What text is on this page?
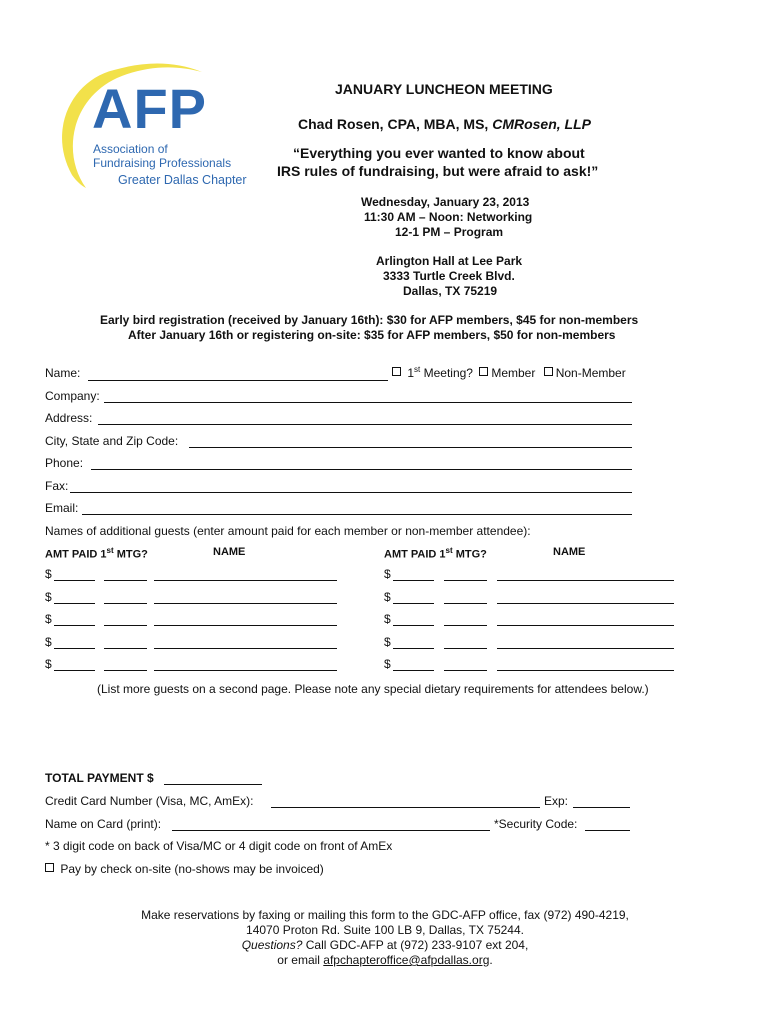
AFP
Association of
Fundraising Professionals
Greater Dallas Chapter
JANUARY LUNCHEON MEETING
Chad Rosen, CPA, MBA, MS, CMRosen, LLP
“Everything you ever wanted to know about
IRS rules of fundraising, but were afraid to ask!”
Wednesday, January 23, 2013
11:30 AM – Noon: Networking
12-1 PM – Program
Arlington Hall at Lee Park
3333 Turtle Creek Blvd.
Dallas, TX 75219
Early bird registration (received by January 16th): $30 for AFP members, $45 for non-members
After January 16th or registering on-site: $35 for AFP members, $50 for non-members
Name:	1st Meeting? Member Non-Member
Company:
Address:
City, State and Zip Code:
Phone:
Fax:
Email:
Names of additional guests (enter amount paid for each member or non-member attendee):
AMT PAID 1st MTG?	NAME	AMT PAID 1st MTG?	NAME
$	$
$	$
$	$
$	$
$	$
(List more guests on a second page. Please note any special dietary requirements for attendees below.)
TOTAL PAYMENT $
Credit Card Number (Visa, MC, AmEx):	Exp:
Name on Card (print):	*Security Code:
* 3 digit code on back of Visa/MC or 4 digit code on front of AmEx
Pay by check on-site (no-shows may be invoiced)
Make reservations by faxing or mailing this form to the GDC-AFP office, fax (972) 490-4219,
14070 Proton Rd. Suite 100 LB 9, Dallas, TX 75244.
Questions? Call GDC-AFP at (972) 233-9107 ext 204,
or email afpchapteroffice@afpdallas.org.
